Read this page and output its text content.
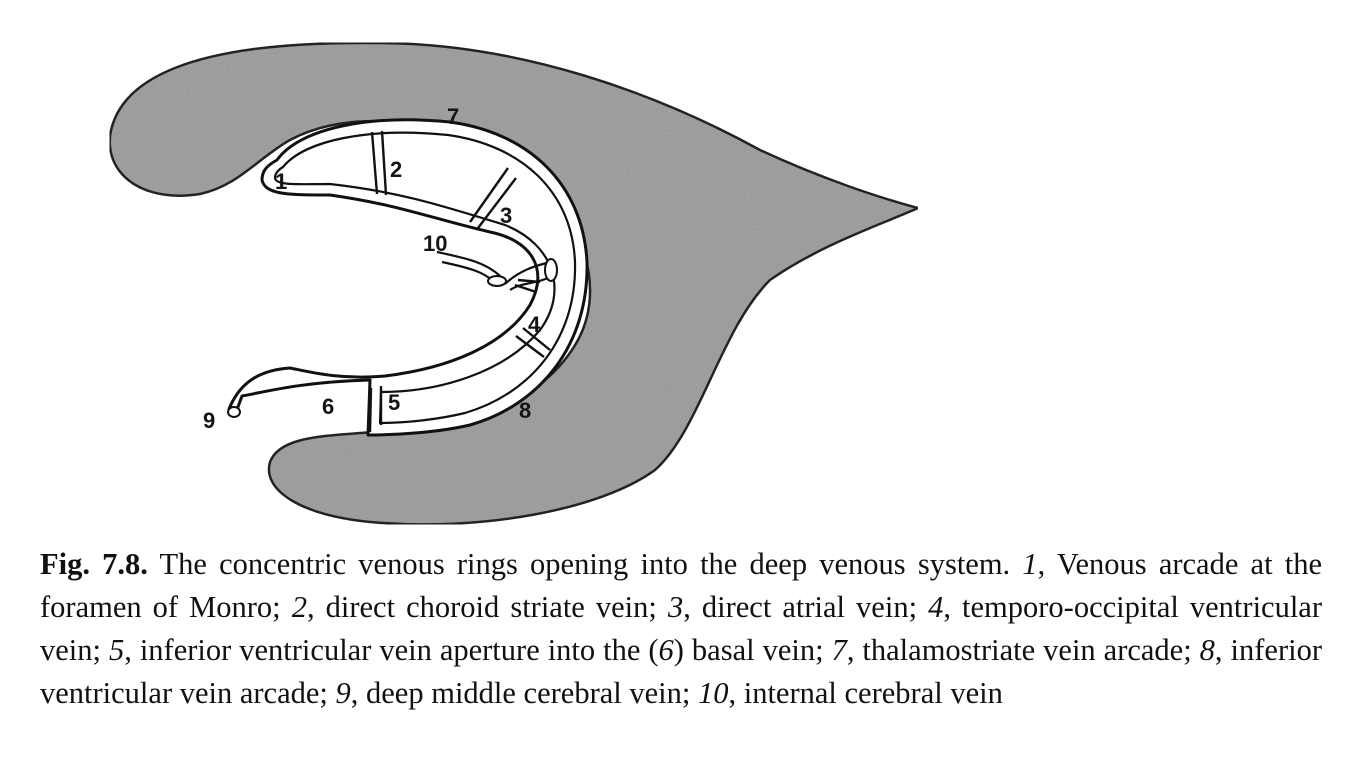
1	2
3
4
5
6
7
8
9
10

Fig. 7.8. The concentric venous rings opening into the deep venous system. 1, Venous arcade at the foramen of Monro; 2, direct choroid striate vein; 3, direct atrial vein; 4, temporo-occipital ventricular vein; 5, inferior ventricular vein aperture into the (6) basal vein; 7, thalamostriate vein arcade; 8, inferior ventricular vein arcade; 9, deep middle cerebral vein; 10, internal cerebral vein
